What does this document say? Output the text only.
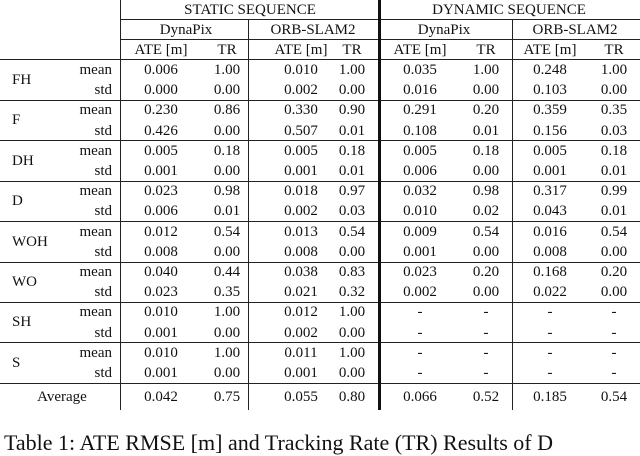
STATIC SEQUENCE	DYNAMIC SEQUENCE
DynaPix	ORB-SLAM2	DynaPix	ORB-SLAM2
ATE [m]	TR	ATE [m] TR	ATE [m]	TR	ATE [m]	TR
FH
mean	0.006	1.00	0.010	1.00	0.035	1.00	0.248	1.00
std	0.000	0.00	0.002	0.00	0.016	0.00	0.103	0.00
F
mean	0.230	0.86	0.330	0.90	0.291	0.20	0.359	0.35
std	0.426	0.00	0.507	0.01	0.108	0.01	0.156	0.03
DH
mean	0.005	0.18	0.005	0.18	0.005	0.18	0.005	0.18
std	0.001	0.00	0.001	0.01	0.006	0.00	0.001	0.01
D
mean	0.023	0.98	0.018	0.97	0.032	0.98	0.317	0.99
std	0.006	0.01	0.002	0.03	0.010	0.02	0.043	0.01
WOH
mean	0.012	0.54	0.013	0.54	0.009	0.54	0.016	0.54
std	0.008	0.00	0.008	0.00	0.001	0.00	0.008	0.00
WO
mean	0.040	0.44	0.038	0.83	0.023	0.20	0.168	0.20
std	0.023	0.35	0.021	0.32	0.002	0.00	0.022	0.00
SH
mean	0.010	1.00	0.012	1.00	-	-	-	-
std	0.001	0.00	0.002	0.00	-	-	-	-
S
mean	0.010	1.00	0.011	1.00	-	-	-	-
std	0.001	0.00	0.001	0.00	-	-	-	-
Average	0.042	0.75	0.055	0.80	0.066	0.52	0.185	0.54
Table 1: ATE RMSE [m] and Tracking Rate (TR) Results of D
